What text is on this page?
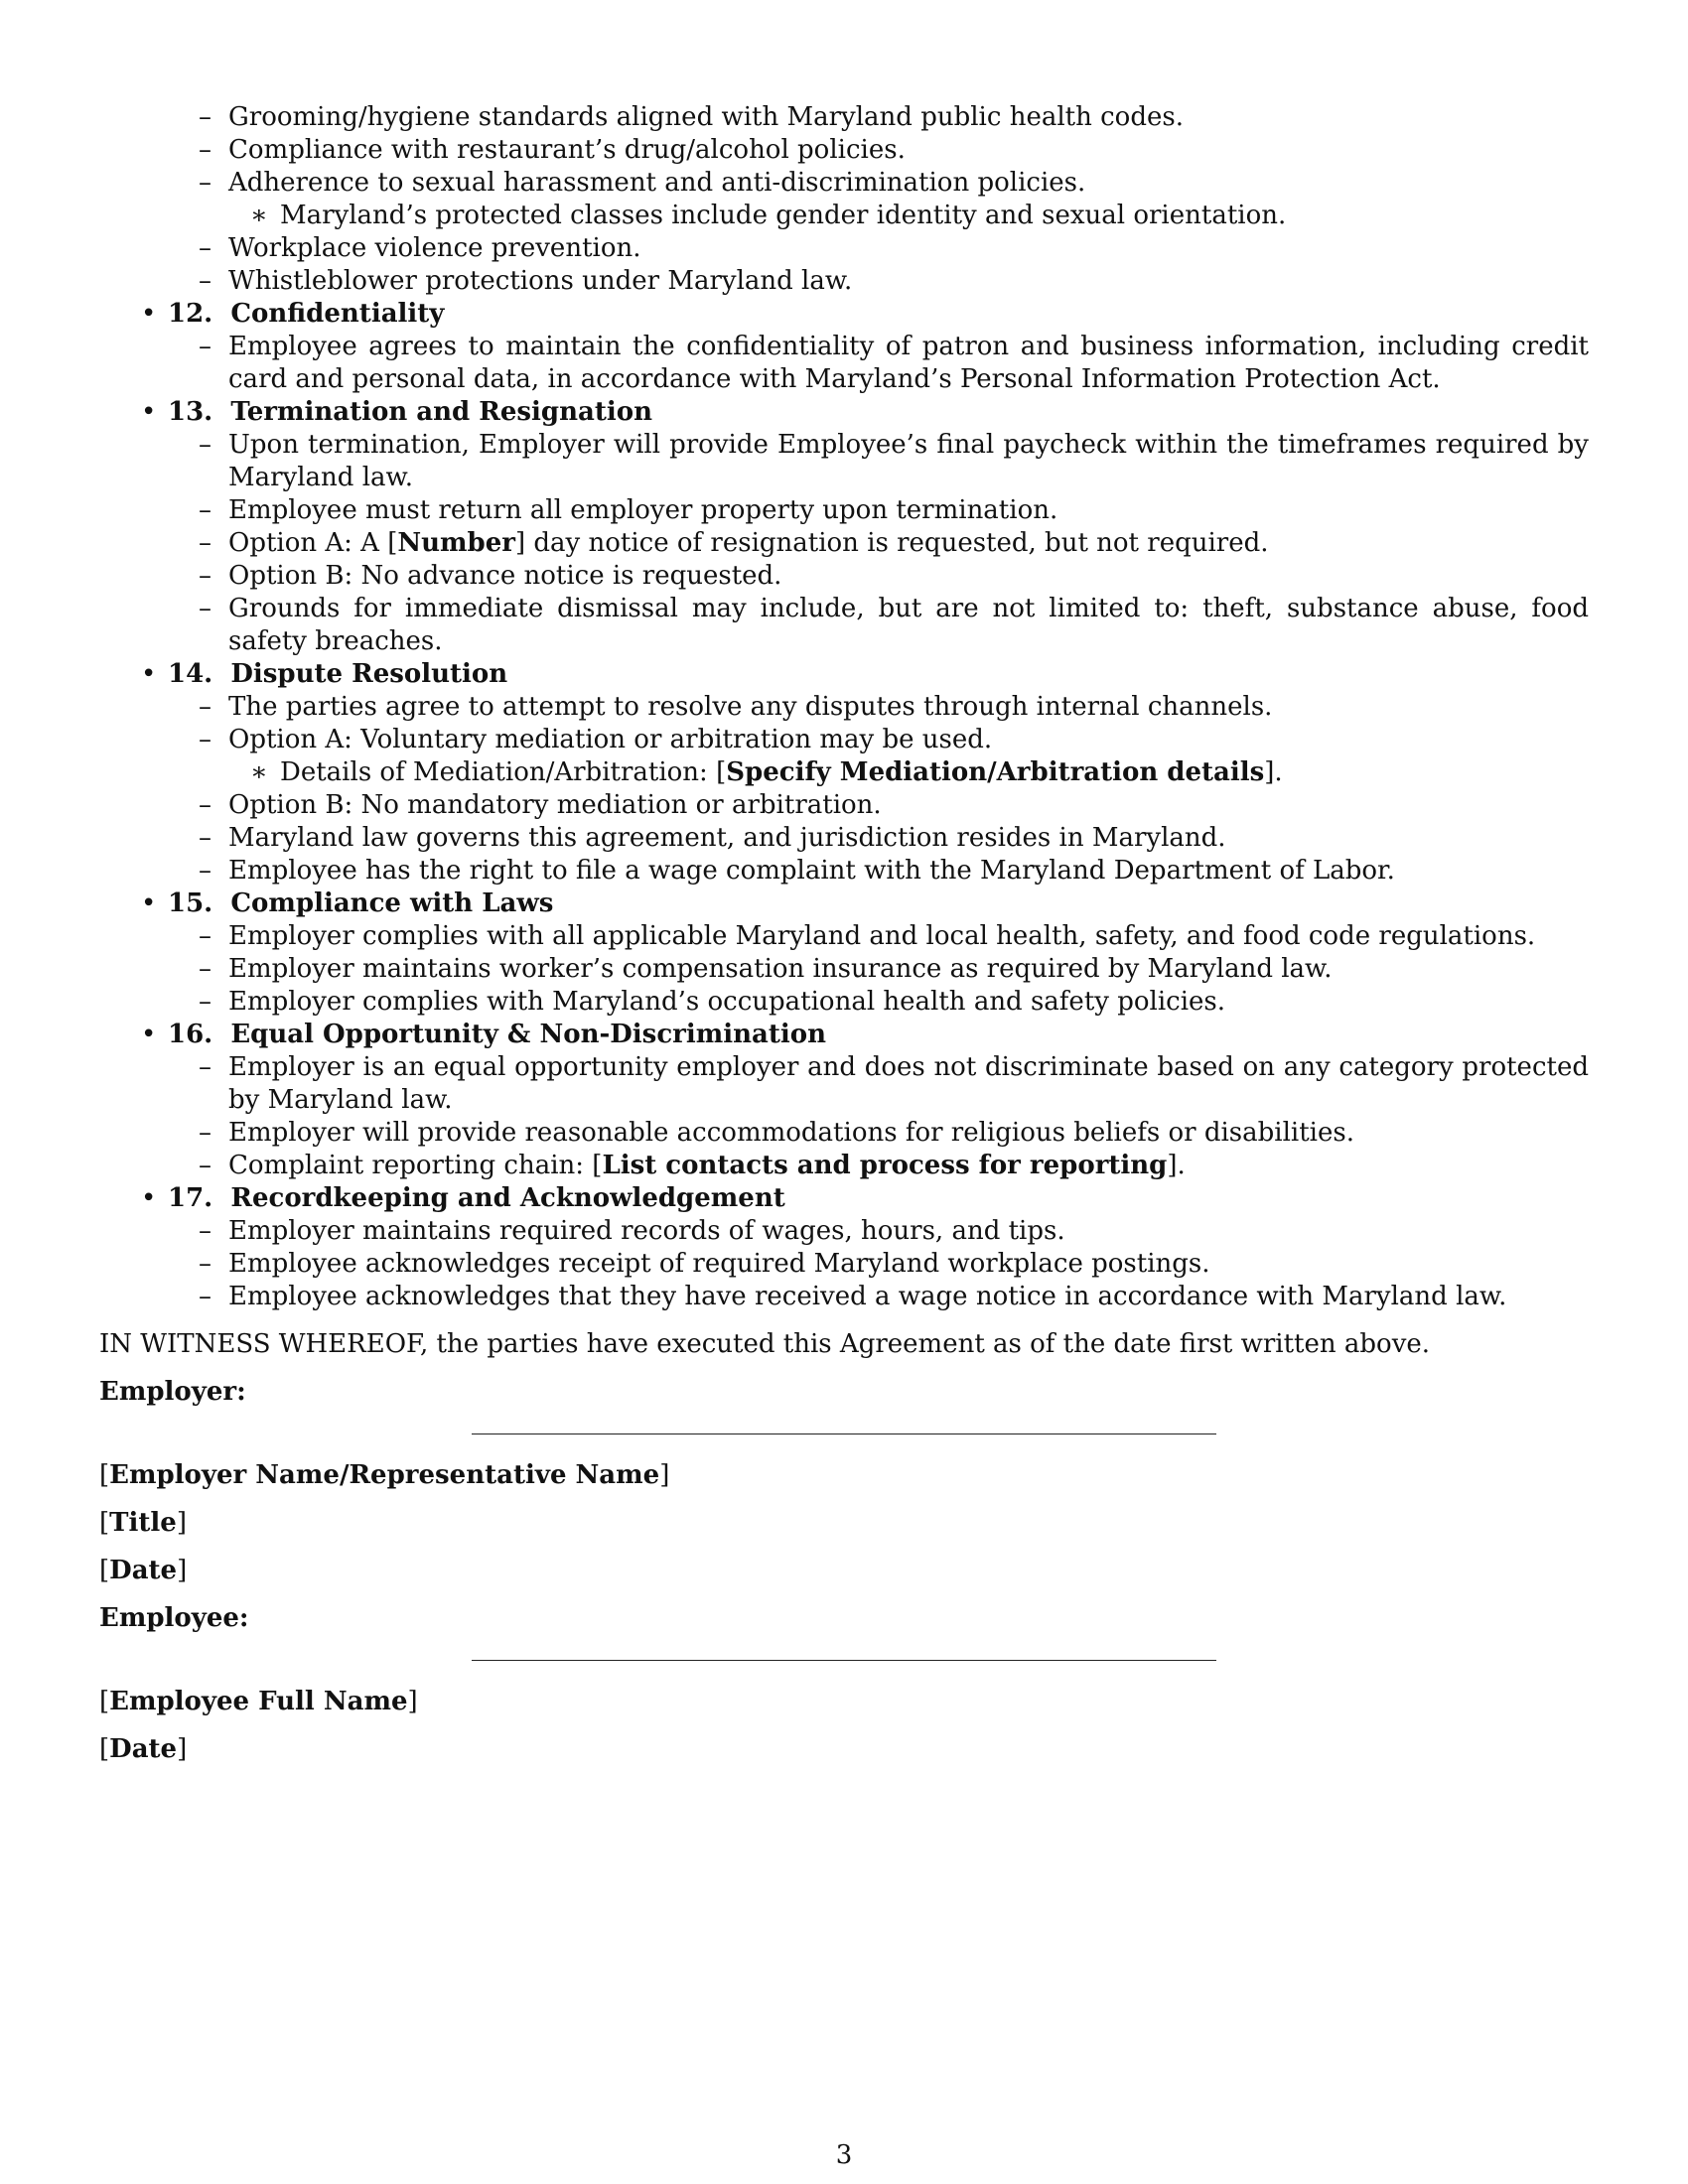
– Grooming/hygiene standards aligned with Maryland public health codes.
– Compliance with restaurant’s drug/alcohol policies.
– Adherence to sexual harassment and anti-discrimination policies.
∗ Maryland’s protected classes include gender identity and sexual orientation.
– Workplace violence prevention.
– Whistleblower protections under Maryland law.
• 12. Confidentiality
– Employee agrees to maintain the confidentiality of patron and business information, including credit card and personal data, in accordance with Maryland’s Personal Information Protection Act.
• 13. Termination and Resignation
– Upon termination, Employer will provide Employee’s final paycheck within the timeframes required by Maryland law.
– Employee must return all employer property upon termination.
– Option A: A [Number] day notice of resignation is requested, but not required.
– Option B: No advance notice is requested.
– Grounds for immediate dismissal may include, but are not limited to: theft, substance abuse, food safety breaches.
• 14. Dispute Resolution
– The parties agree to attempt to resolve any disputes through internal channels.
– Option A: Voluntary mediation or arbitration may be used.
∗ Details of Mediation/Arbitration: [Specify Mediation/Arbitration details].
– Option B: No mandatory mediation or arbitration.
– Maryland law governs this agreement, and jurisdiction resides in Maryland.
– Employee has the right to file a wage complaint with the Maryland Department of Labor.
• 15. Compliance with Laws
– Employer complies with all applicable Maryland and local health, safety, and food code regulations.
– Employer maintains worker’s compensation insurance as required by Maryland law.
– Employer complies with Maryland’s occupational health and safety policies.
• 16. Equal Opportunity & Non-Discrimination
– Employer is an equal opportunity employer and does not discriminate based on any category protected by Maryland law.
– Employer will provide reasonable accommodations for religious beliefs or disabilities.
– Complaint reporting chain: [List contacts and process for reporting].
• 17. Recordkeeping and Acknowledgement
– Employer maintains required records of wages, hours, and tips.
– Employee acknowledges receipt of required Maryland workplace postings.
– Employee acknowledges that they have received a wage notice in accordance with Maryland law.

IN WITNESS WHEREOF, the parties have executed this Agreement as of the date first written above.

Employer:
[Employer Name/Representative Name]
[Title]
[Date]
Employee:
[Employee Full Name]
[Date]
3
